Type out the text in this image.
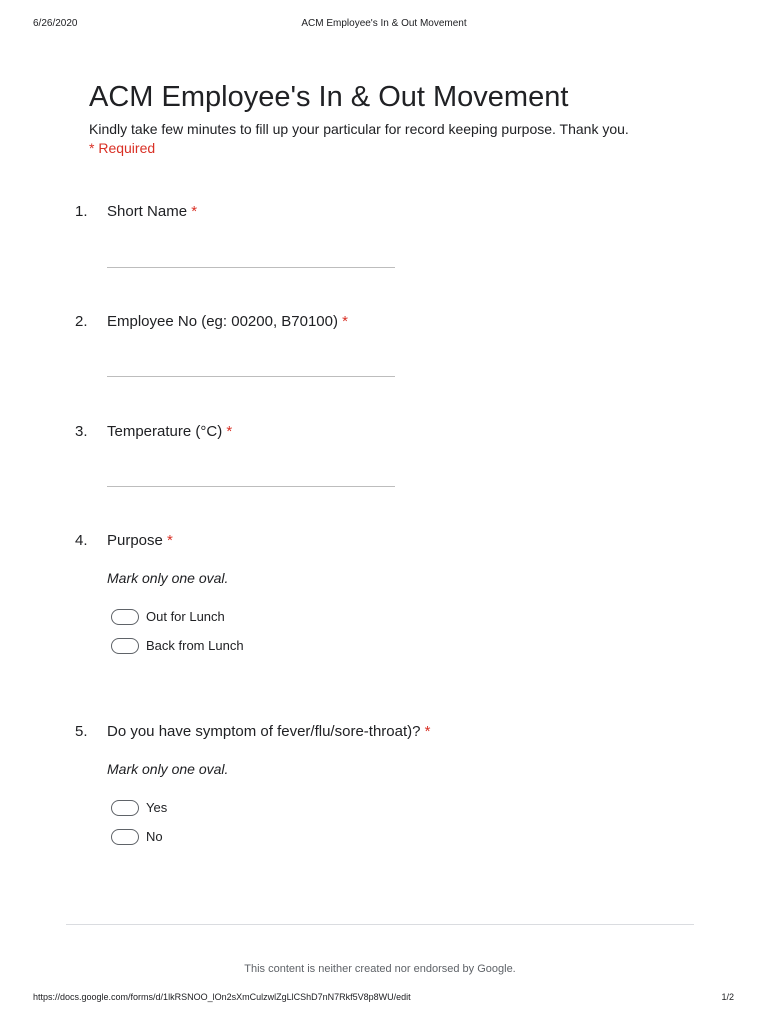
6/26/2020	ACM Employee's In & Out Movement
ACM Employee's In & Out Movement
Kindly take few minutes to fill up your particular for record keeping purpose. Thank you.
* Required
1. Short Name *
2. Employee No (eg: 00200, B70100) *
3. Temperature (°C) *
4. Purpose *
Mark only one oval.
Out for Lunch
Back from Lunch
5. Do you have symptom of fever/flu/sore-throat)? *
Mark only one oval.
Yes
No
This content is neither created nor endorsed by Google.
https://docs.google.com/forms/d/1lkRSNOO_lOn2sXmCulzwlZgLlCShD7nN7Rkf5V8p8WU/edit	1/2
